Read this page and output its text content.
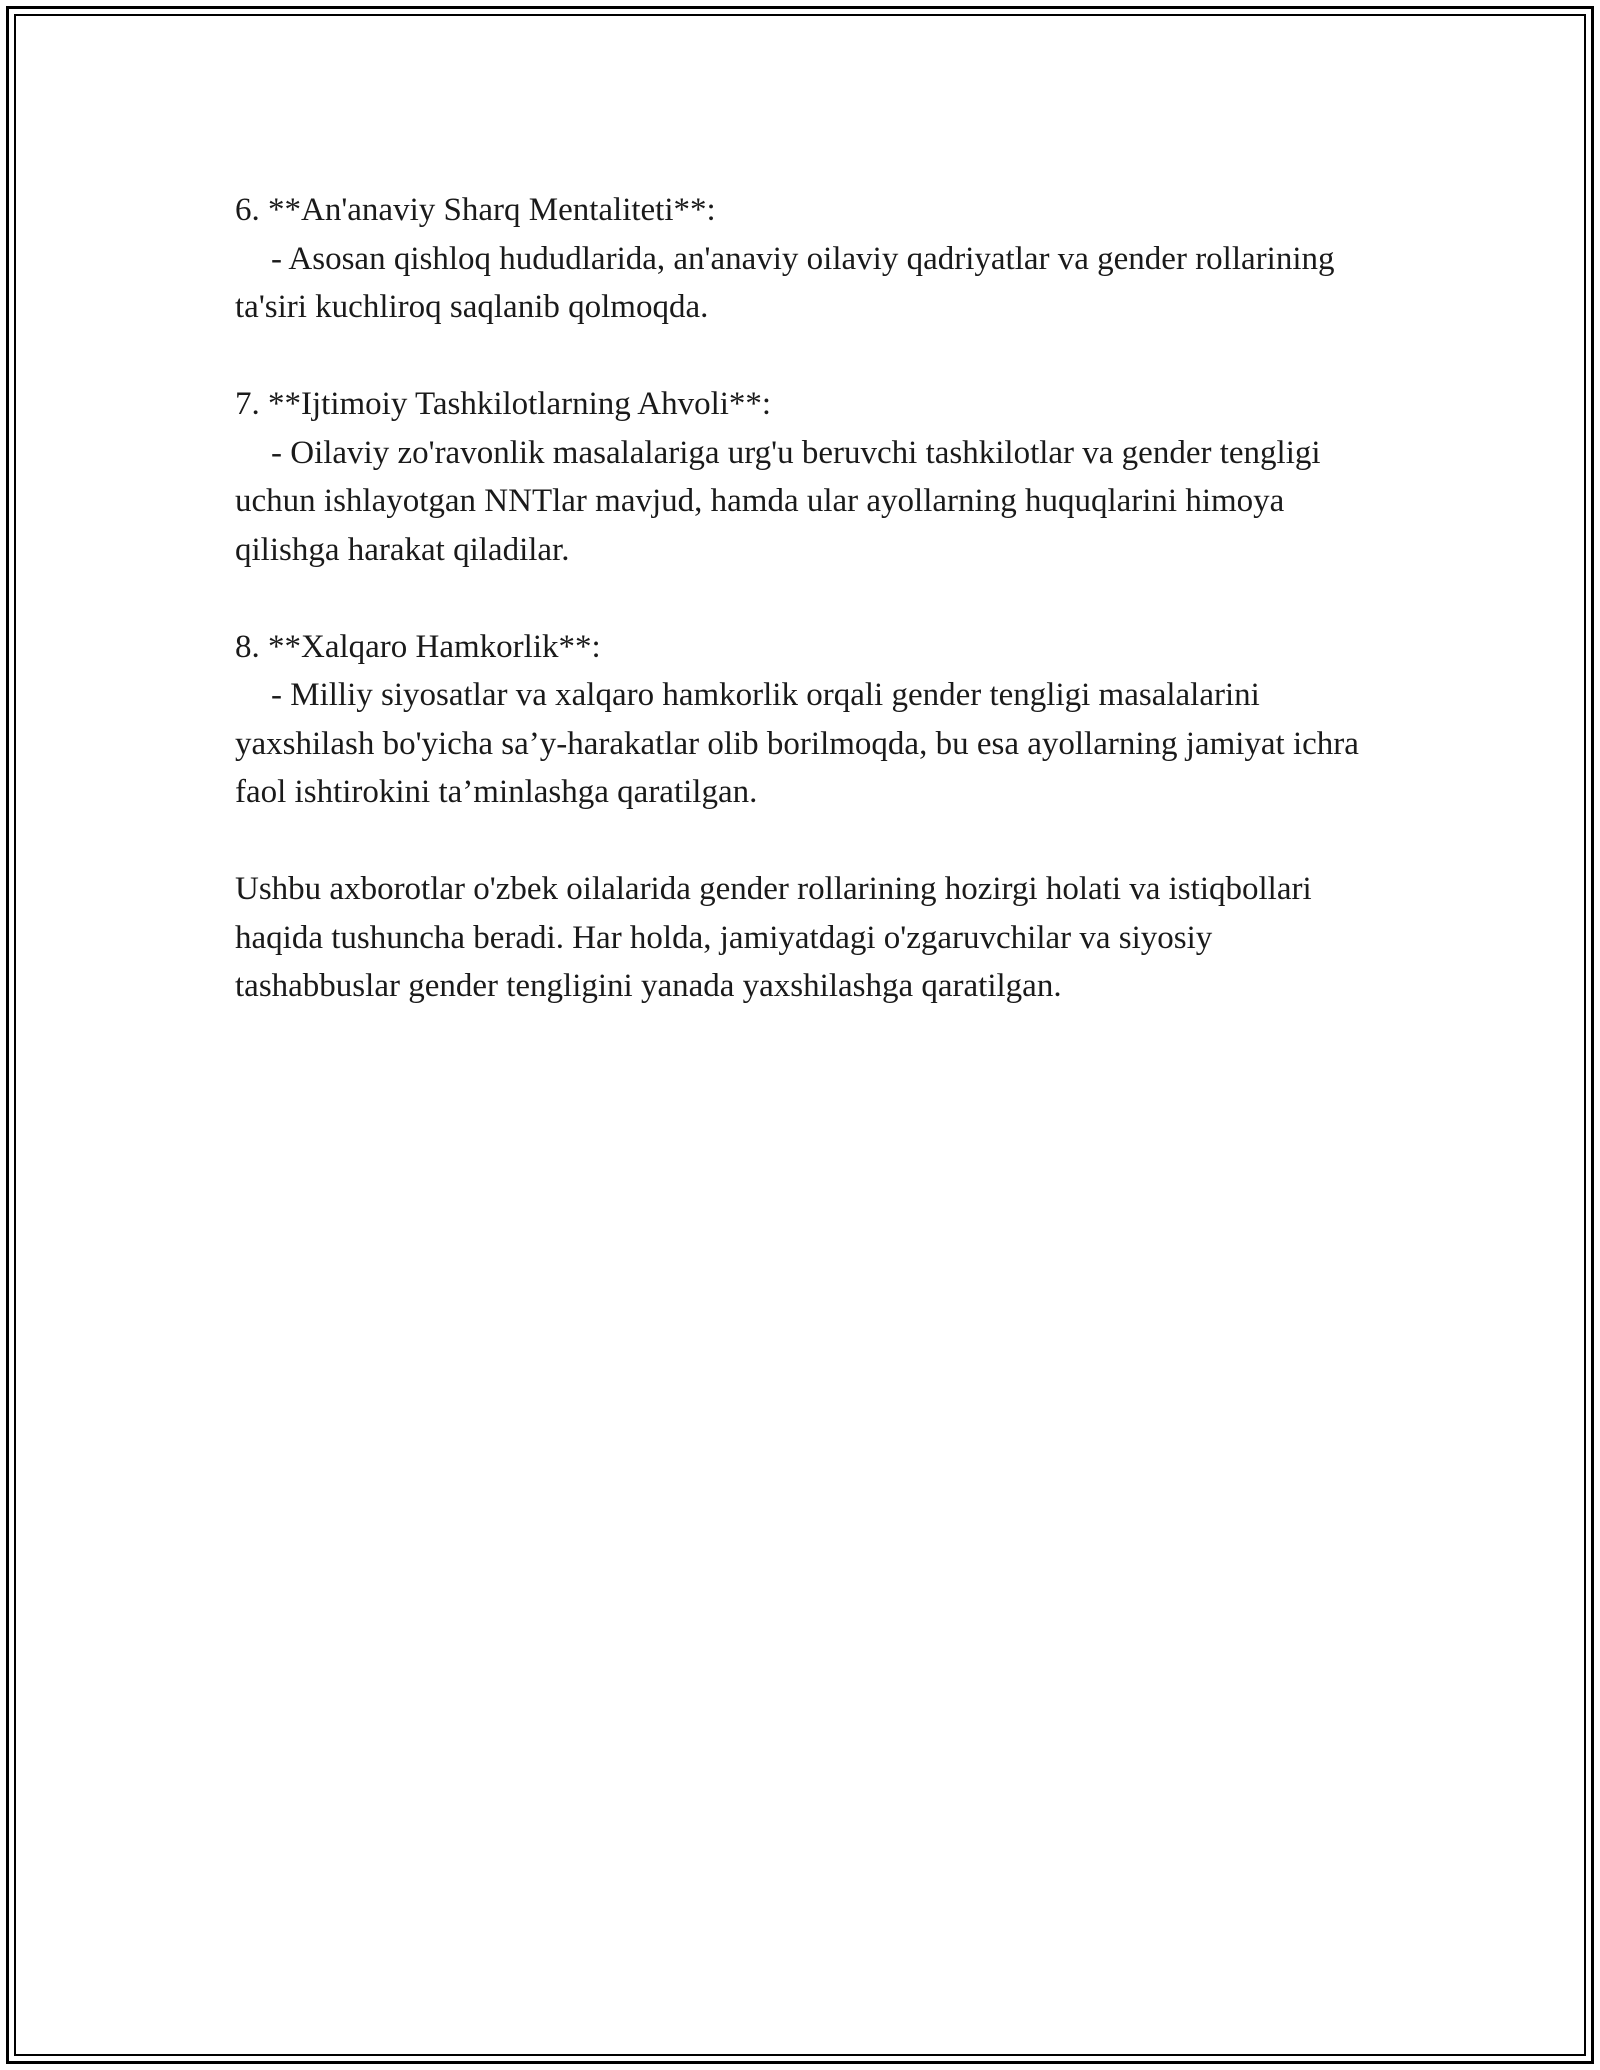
6. **An'anaviy Sharq Mentaliteti**:

- Asosan qishloq hududlarida, an'anaviy oilaviy qadriyatlar va gender rollarining ta'siri kuchliroq saqlanib qolmoqda.

7. **Ijtimoiy Tashkilotlarning Ahvoli**:

- Oilaviy zo'ravonlik masalalariga urg'u beruvchi tashkilotlar va gender tengligi uchun ishlayotgan NNTlar mavjud, hamda ular ayollarning huquqlarini himoya qilishga harakat qiladilar.

8. **Xalqaro Hamkorlik**:

- Milliy siyosatlar va xalqaro hamkorlik orqali gender tengligi masalalarini yaxshilash bo'yicha sa’y-harakatlar olib borilmoqda, bu esa ayollarning jamiyat ichra faol ishtirokini ta’minlashga qaratilgan.

Ushbu axborotlar o'zbek oilalarida gender rollarining hozirgi holati va istiqbollari haqida tushuncha beradi. Har holda, jamiyatdagi o'zgaruvchilar va siyosiy tashabbuslar gender tengligini yanada yaxshilashga qaratilgan.
